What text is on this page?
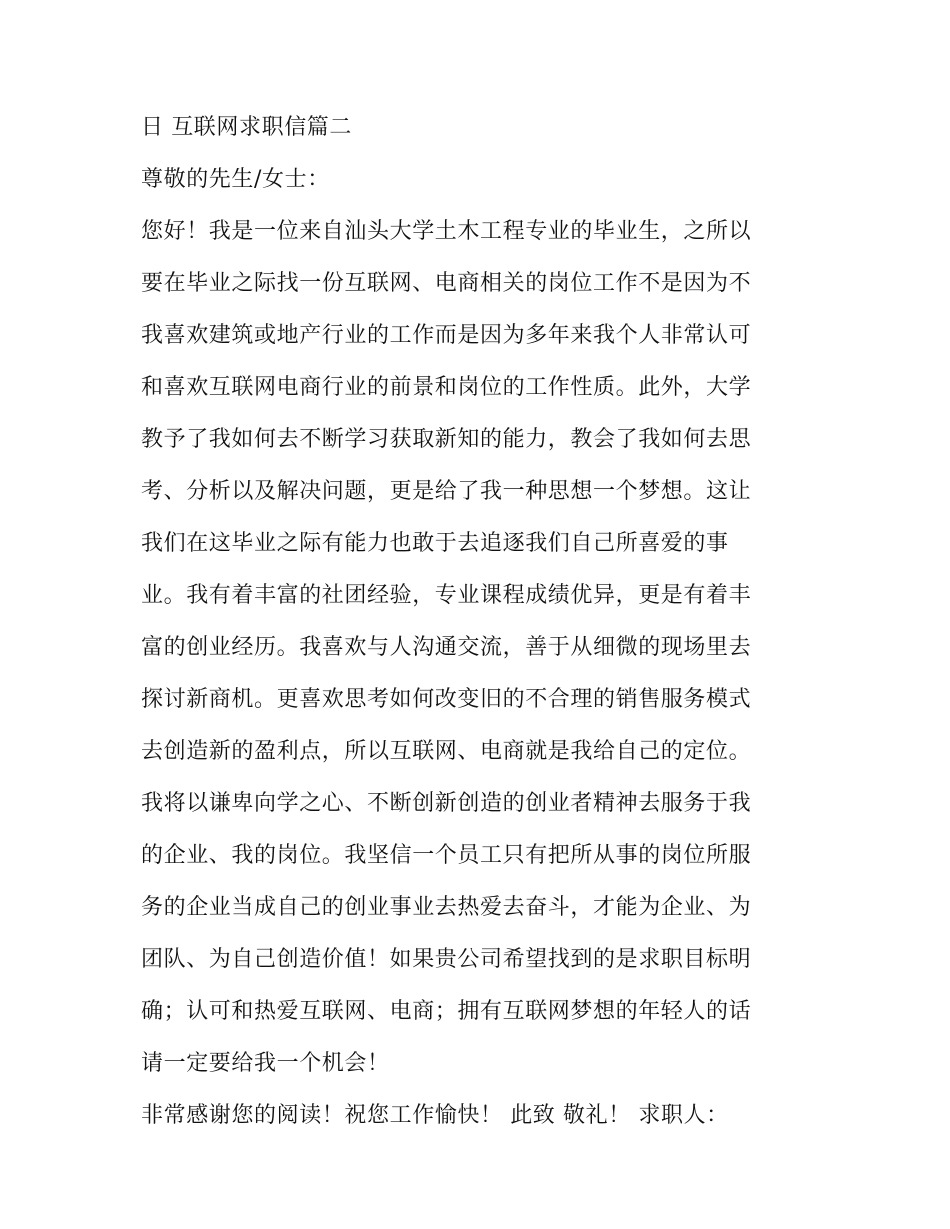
日 互联网求职信篇二
尊敬的先生/女士：
您好！我是一位来自汕头大学土木工程专业的毕业生，之所以
要在毕业之际找一份互联网、电商相关的岗位工作不是因为不
我喜欢建筑或地产行业的工作而是因为多年来我个人非常认可
和喜欢互联网电商行业的前景和岗位的工作性质。此外，大学
教予了我如何去不断学习获取新知的能力，教会了我如何去思
考、分析以及解决问题，更是给了我一种思想一个梦想。这让
我们在这毕业之际有能力也敢于去追逐我们自己所喜爱的事
业。我有着丰富的社团经验，专业课程成绩优异，更是有着丰
富的创业经历。我喜欢与人沟通交流，善于从细微的现场里去
探讨新商机。更喜欢思考如何改变旧的不合理的销售服务模式
去创造新的盈利点，所以互联网、电商就是我给自己的定位。
我将以谦卑向学之心、不断创新创造的创业者精神去服务于我
的企业、我的岗位。我坚信一个员工只有把所从事的岗位所服
务的企业当成自己的创业事业去热爱去奋斗，才能为企业、为
团队、为自己创造价值！如果贵公司希望找到的是求职目标明
确；认可和热爱互联网、电商；拥有互联网梦想的年轻人的话
请一定要给我一个机会！
非常感谢您的阅读！祝您工作愉快！ 此致 敬礼！ 求职人：
